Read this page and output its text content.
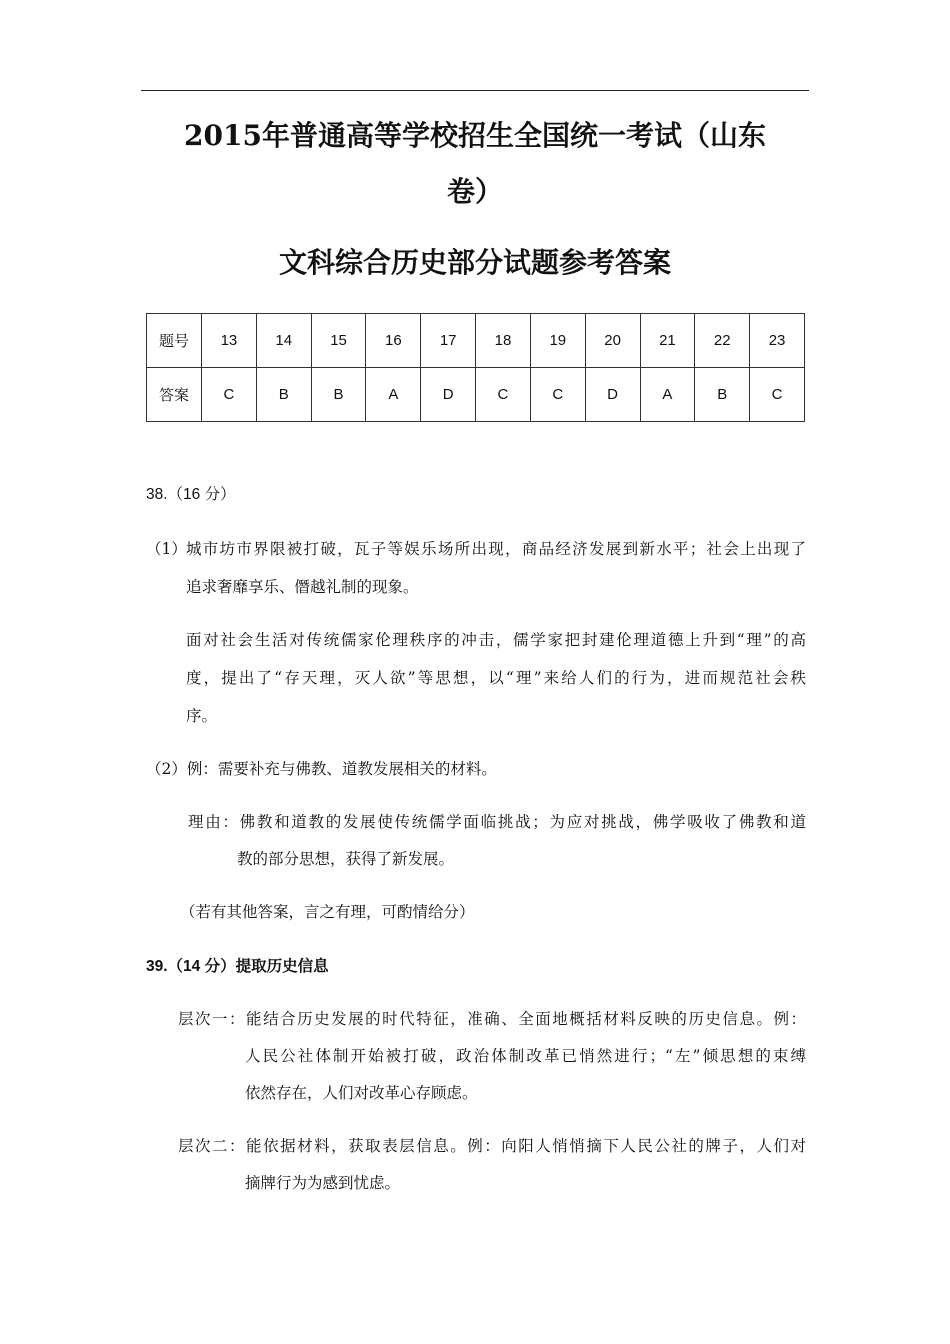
2015年普通高等学校招生全国统一考试（山东
卷）
文科综合历史部分试题参考答案
题号	13	14	15	16	17	18	19	20	21	22	23
答案	C	B	B	A	D	C	C	D	A	B	C
38.（16 分）
（1） 城市坊市界限被打破，瓦子等娱乐场所出现，商品经济发展到新水平；社会上出现了
追求奢靡享乐、僭越礼制的现象。
面对社会生活对传统儒家伦理秩序的冲击，儒学家把封建伦理道德上升到“理”的高
度，提出了“存天理，灭人欲”等思想，以“理”来给人们的行为，进而规范社会秩
序。
（2）例：需要补充与佛教、道教发展相关的材料。
理由：佛教和道教的发展使传统儒学面临挑战；为应对挑战，佛学吸收了佛教和道
教的部分思想，获得了新发展。
（若有其他答案，言之有理，可酌情给分）
39.（14 分）提取历史信息
层次一：能结合历史发展的时代特征，准确、全面地概括材料反映的历史信息。例：
人民公社体制开始被打破，政治体制改革已悄然进行；“左”倾思想的束缚
依然存在，人们对改革心存顾虑。
层次二：能依据材料，获取表层信息。例：向阳人悄悄摘下人民公社的牌子，人们对
摘牌行为为感到忧虑。
